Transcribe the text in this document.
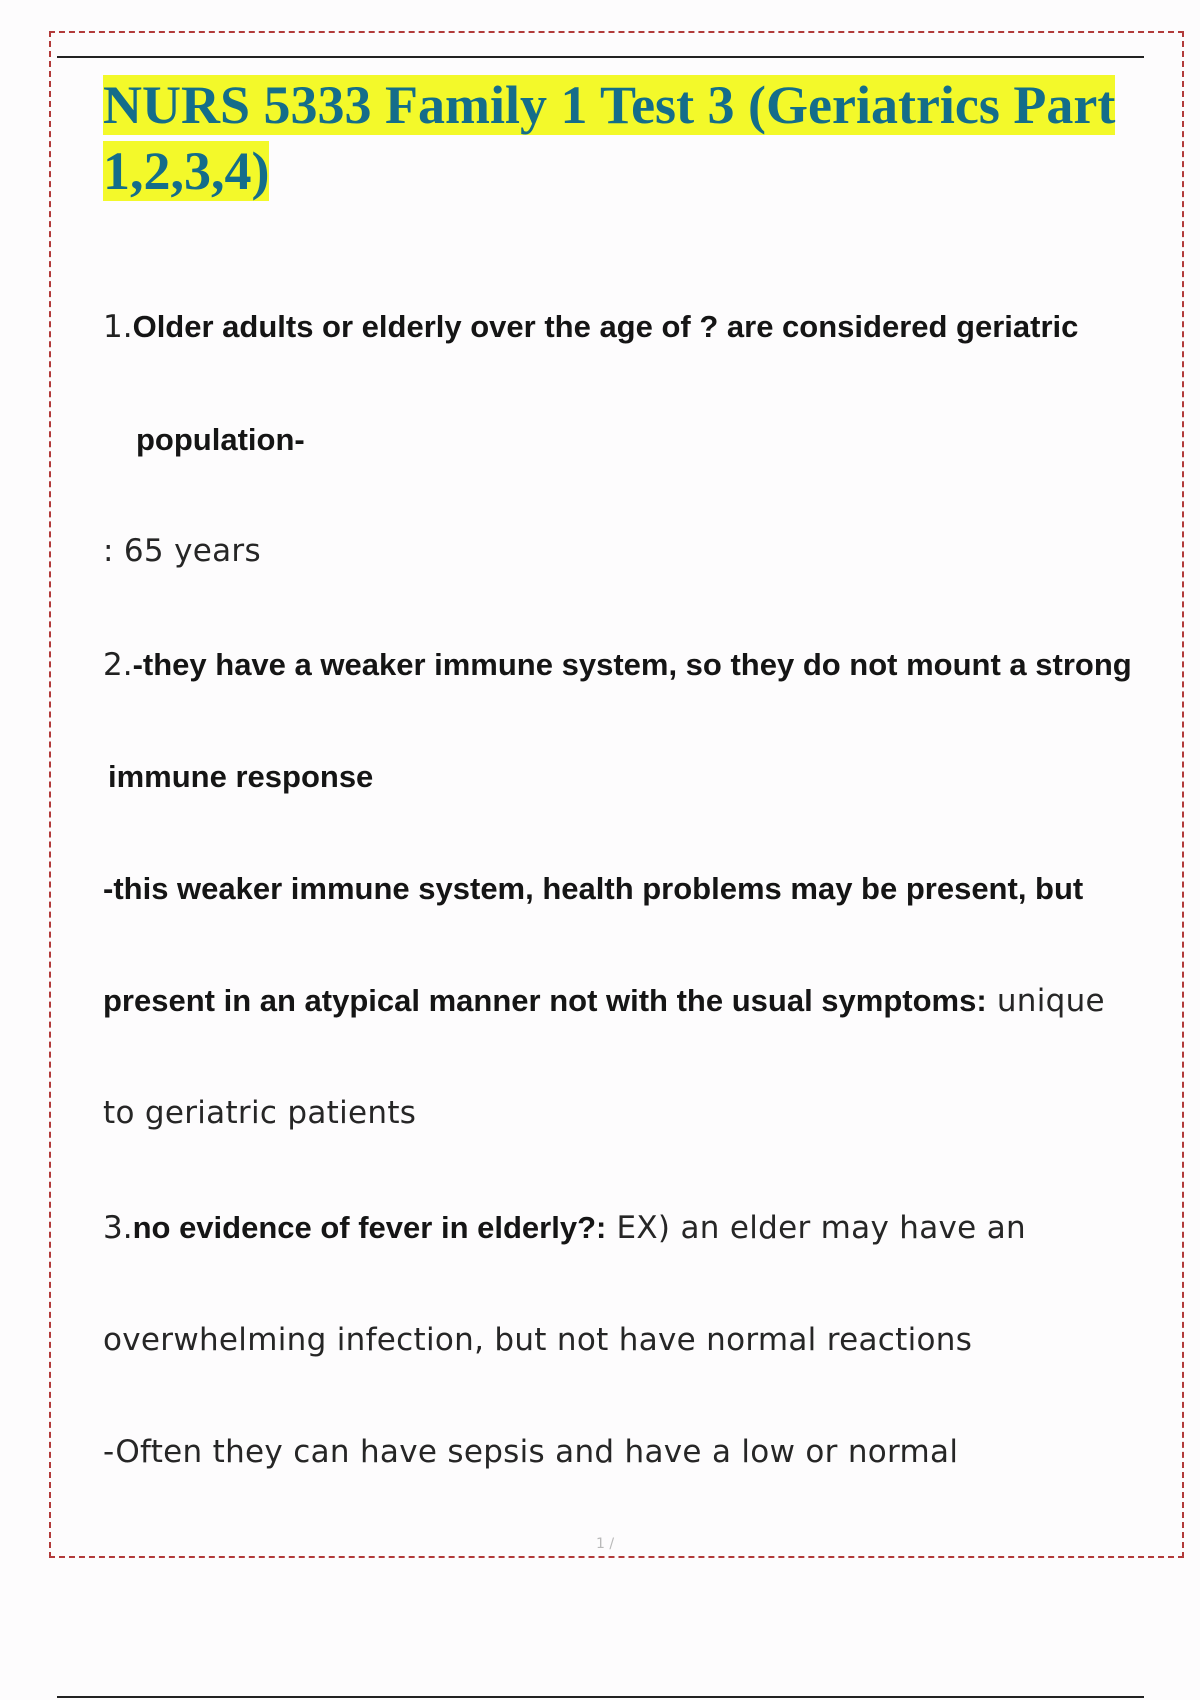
NURS 5333 Family 1 Test 3 (Geriatrics Part 1,2,3,4)
1.Older adults or elderly over the age of ? are considered geriatric
population-
: 65 years
2.-they have a weaker immune system, so they do not mount a strong
immune response
-this weaker immune system, health problems may be present, but
present in an atypical manner not with the usual symptoms: unique
to geriatric patients
3.no evidence of fever in elderly?: EX) an elder may have an
overwhelming infection, but not have normal reactions
-Often they can have sepsis and have a low or normal
1 /
